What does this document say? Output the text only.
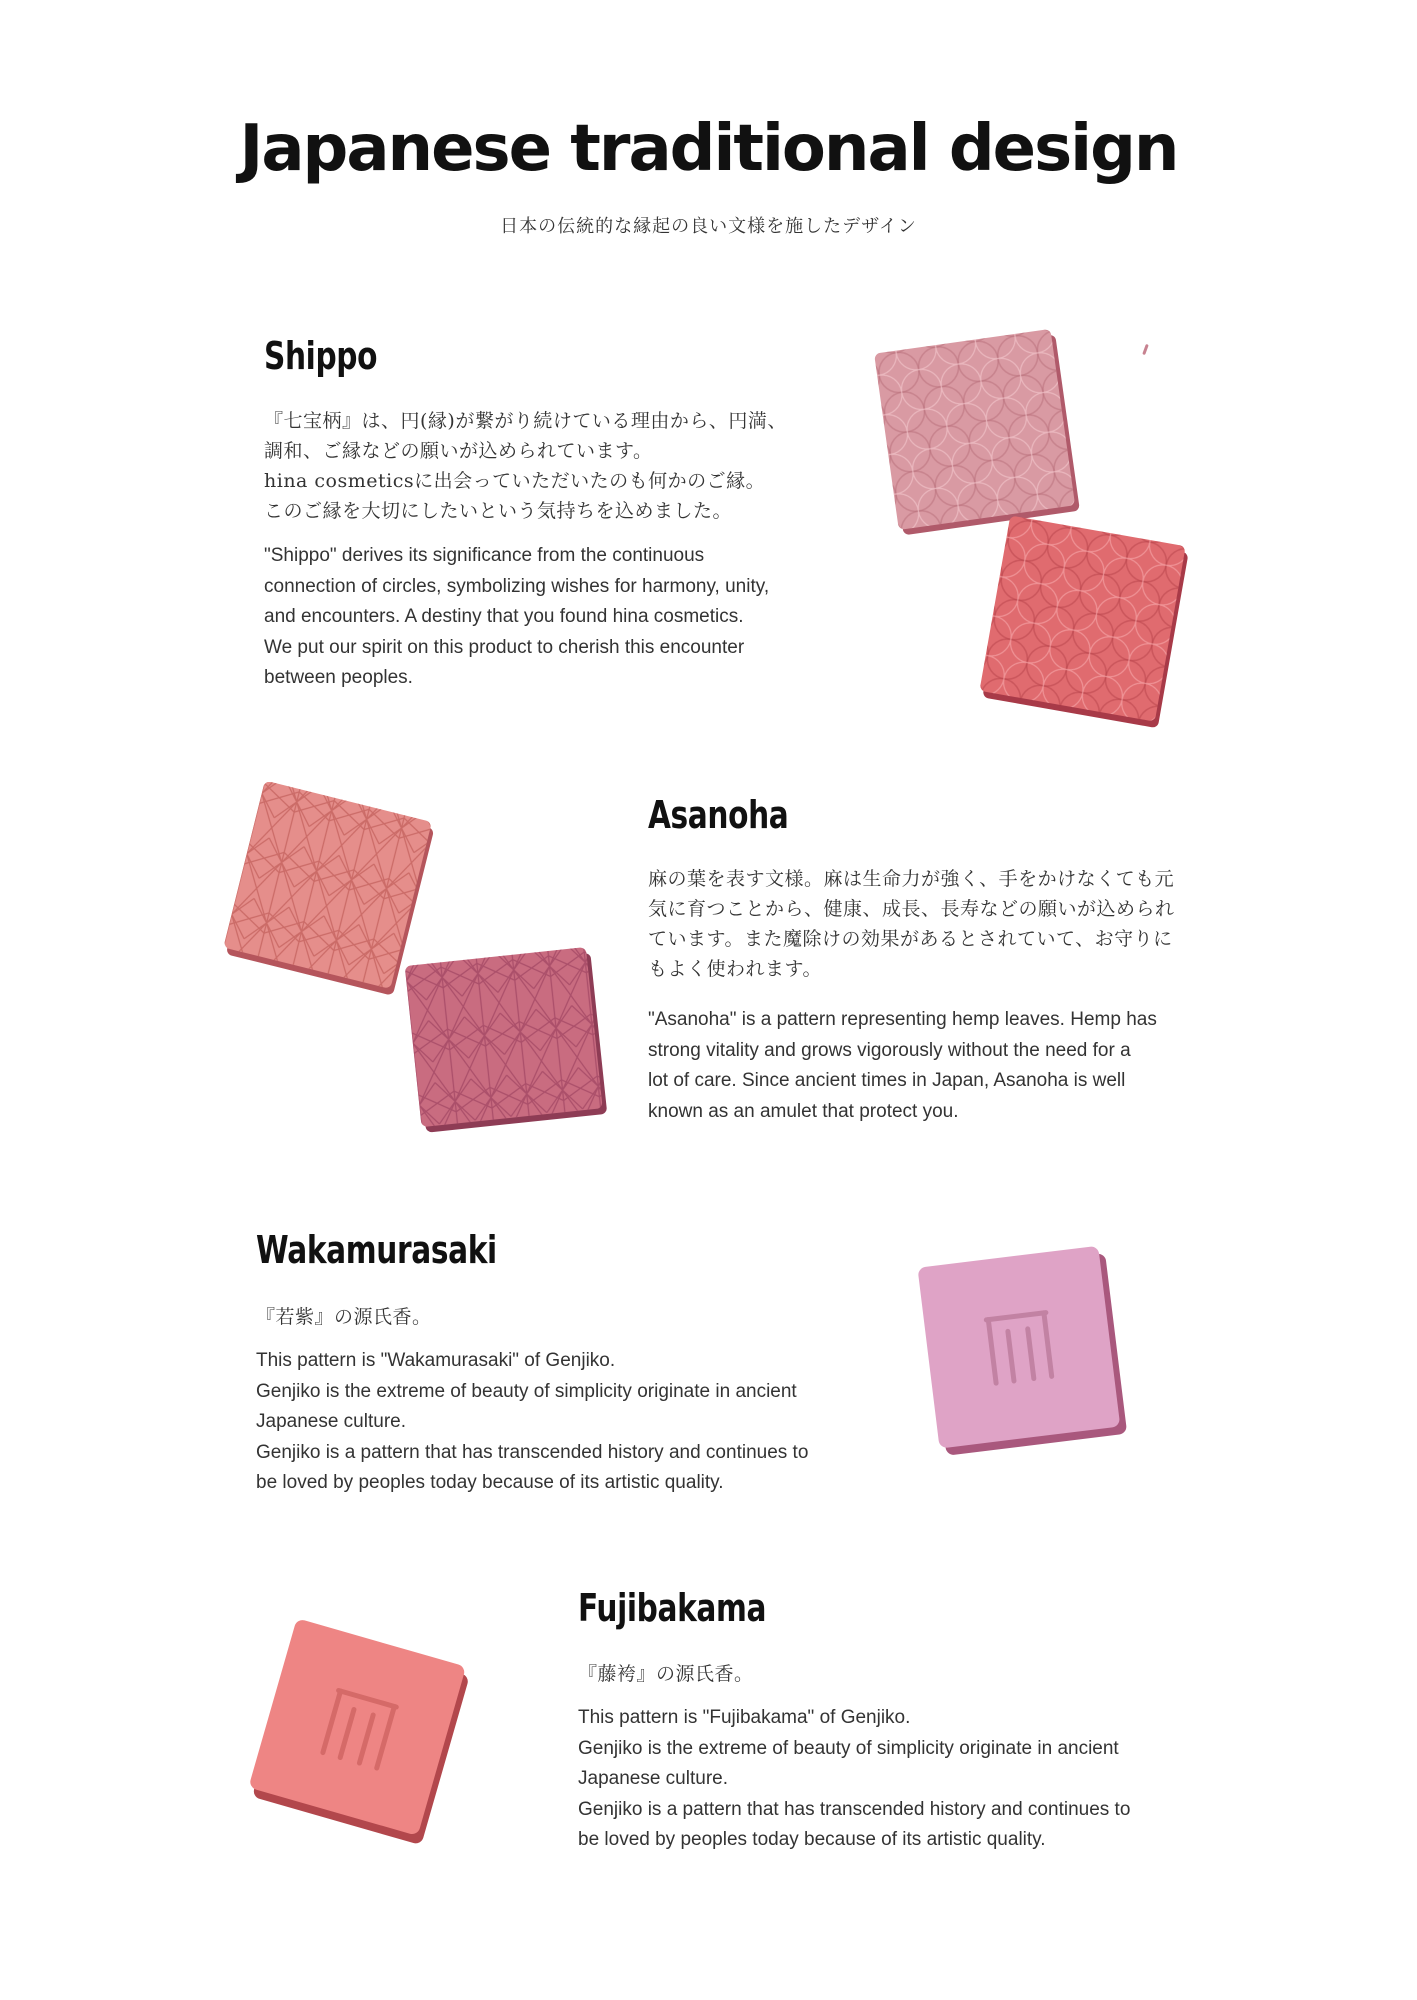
Japanese traditional design
日本の伝統的な縁起の良い文様を施したデザイン
Shippo
『七宝柄』は、円(縁)が繋がり続けている理由から、円満、
調和、ご縁などの願いが込められています。
hina cosmeticsに出会っていただいたのも何かのご縁。
このご縁を大切にしたいという気持ちを込めました。
"Shippo" derives its significance from the continuous
connection of circles, symbolizing wishes for harmony, unity,
and encounters. A destiny that you found hina cosmetics.
We put our spirit on this product to cherish this encounter
between peoples.
Asanoha
麻の葉を表す文様。麻は生命力が強く、手をかけなくても元
気に育つことから、健康、成長、長寿などの願いが込められ
ています。また魔除けの効果があるとされていて、お守りに
もよく使われます。
"Asanoha" is a pattern representing hemp leaves. Hemp has
strong vitality and grows vigorously without the need for a
lot of care. Since ancient times in Japan, Asanoha is well
known as an amulet that protect you.
Wakamurasaki
『若紫』の源氏香。
This pattern is "Wakamurasaki" of Genjiko.
Genjiko is the extreme of beauty of simplicity originate in ancient
Japanese culture.
Genjiko is a pattern that has transcended history and continues to
be loved by peoples today because of its artistic quality.
Fujibakama
『藤袴』の源氏香。
This pattern is "Fujibakama" of Genjiko.
Genjiko is the extreme of beauty of simplicity originate in ancient
Japanese culture.
Genjiko is a pattern that has transcended history and continues to
be loved by peoples today because of its artistic quality.
